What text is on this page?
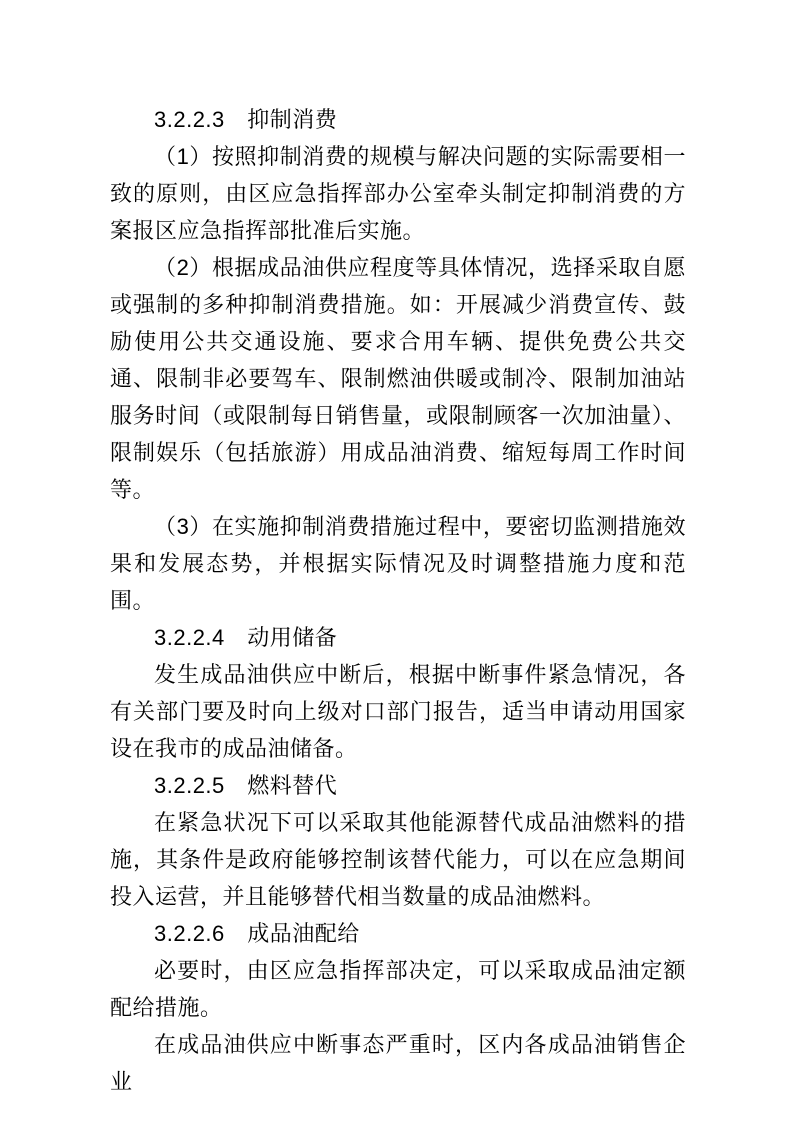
3.2.2.3　抑制消费

（1）按照抑制消费的规模与解决问题的实际需要相一致的原则，由区应急指挥部办公室牵头制定抑制消费的方案报区应急指挥部批准后实施。

（2）根据成品油供应程度等具体情况，选择采取自愿或强制的多种抑制消费措施。如：开展减少消费宣传、鼓励使用公共交通设施、要求合用车辆、提供免费公共交通、限制非必要驾车、限制燃油供暖或制冷、限制加油站服务时间（或限制每日销售量，或限制顾客一次加油量）、限制娱乐（包括旅游）用成品油消费、缩短每周工作时间等。

（3）在实施抑制消费措施过程中，要密切监测措施效果和发展态势，并根据实际情况及时调整措施力度和范围。

3.2.2.4　动用储备

发生成品油供应中断后，根据中断事件紧急情况，各有关部门要及时向上级对口部门报告，适当申请动用国家设在我市的成品油储备。

3.2.2.5　燃料替代

在紧急状况下可以采取其他能源替代成品油燃料的措施，其条件是政府能够控制该替代能力，可以在应急期间投入运营，并且能够替代相当数量的成品油燃料。

3.2.2.6　成品油配给

必要时，由区应急指挥部决定，可以采取成品油定额配给措施。

在成品油供应中断事态严重时，区内各成品油销售企业
